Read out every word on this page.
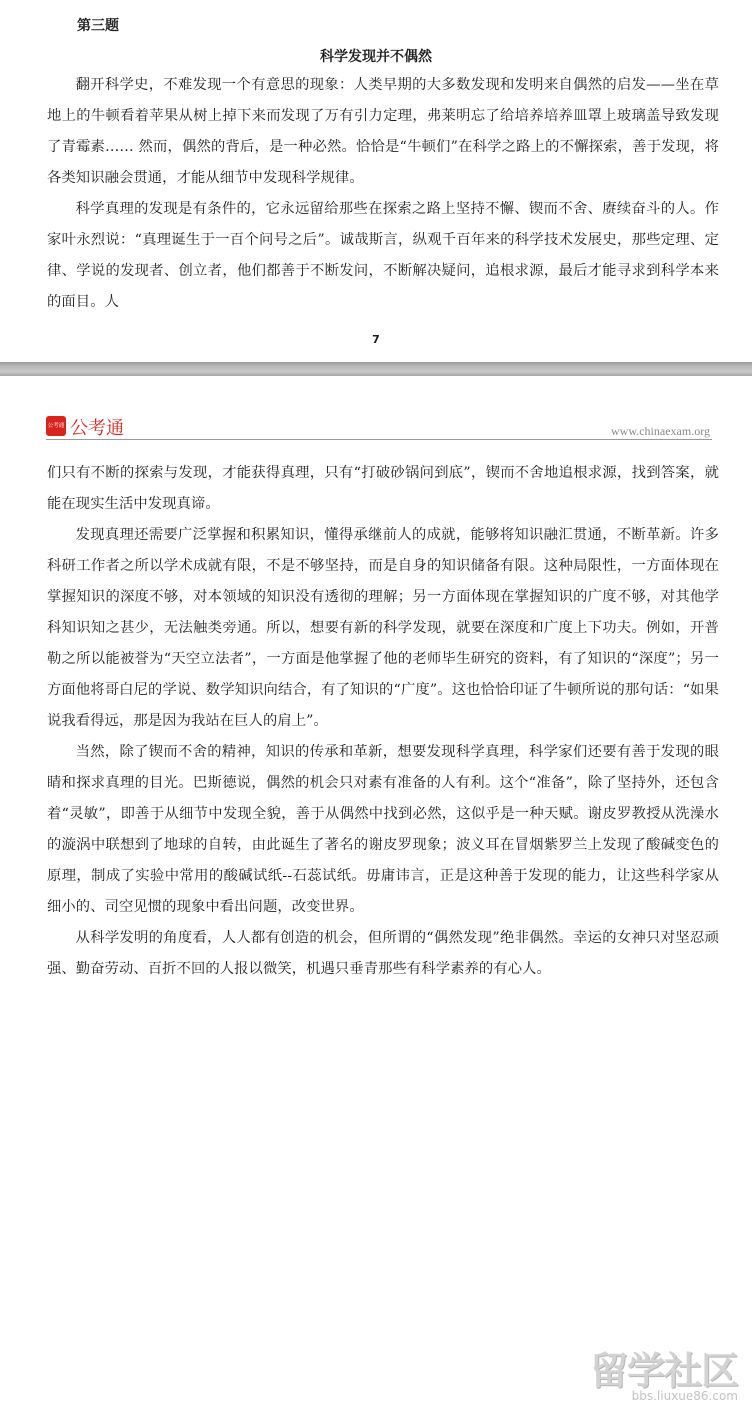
第三题
科学发现并不偶然

翻开科学史，不难发现一个有意思的现象：人类早期的大多数发现和发明来自偶然的启发——坐在草地上的牛顿看着苹果从树上掉下来而发现了万有引力定理，弗莱明忘了给培养培养皿罩上玻璃盖导致发现了青霉素…… 然而，偶然的背后，是一种必然。恰恰是“牛顿们”在科学之路上的不懈探索，善于发现，将各类知识融会贯通，才能从细节中发现科学规律。

科学真理的发现是有条件的，它永远留给那些在探索之路上坚持不懈、锲而不舍、赓续奋斗的人。作家叶永烈说：“真理诞生于一百个问号之后”。诚哉斯言，纵观千百年来的科学技术发展史，那些定理、定律、学说的发现者、创立者，他们都善于不断发问，不断解决疑问，追根求源，最后才能寻求到科学本来的面目。人

7
公考通 公考通	www.chinaexam.org

们只有不断的探索与发现，才能获得真理，只有“打破砂锅问到底”，锲而不舍地追根求源，找到答案，就能在现实生活中发现真谛。

发现真理还需要广泛掌握和积累知识，懂得承继前人的成就，能够将知识融汇贯通，不断革新。许多科研工作者之所以学术成就有限，不是不够坚持，而是自身的知识储备有限。这种局限性，一方面体现在掌握知识的深度不够，对本领域的知识没有透彻的理解；另一方面体现在掌握知识的广度不够，对其他学科知识知之甚少，无法触类旁通。所以，想要有新的科学发现，就要在深度和广度上下功夫。例如，开普勒之所以能被誉为“天空立法者”，一方面是他掌握了他的老师毕生研究的资料，有了知识的“深度”；另一方面他将哥白尼的学说、数学知识向结合，有了知识的“广度”。这也恰恰印证了牛顿所说的那句话：“如果说我看得远，那是因为我站在巨人的肩上”。

当然，除了锲而不舍的精神，知识的传承和革新，想要发现科学真理，科学家们还要有善于发现的眼睛和探求真理的目光。巴斯德说，偶然的机会只对素有准备的人有利。这个“准备”，除了坚持外，还包含着“灵敏”，即善于从细节中发现全貌，善于从偶然中找到必然，这似乎是一种天赋。谢皮罗教授从洗澡水的漩涡中联想到了地球的自转，由此诞生了著名的谢皮罗现象；波义耳在冒烟紫罗兰上发现了酸碱变色的原理，制成了实验中常用的酸碱试纸--石蕊试纸。毋庸讳言，正是这种善于发现的能力，让这些科学家从细小的、司空见惯的现象中看出问题，改变世界。

从科学发明的角度看，人人都有创造的机会，但所谓的“偶然发现”绝非偶然。幸运的女神只对坚忍顽强、勤奋劳动、百折不回的人报以微笑，机遇只垂青那些有科学素养的有心人。

留学社区
bbs.liuxue86.com
